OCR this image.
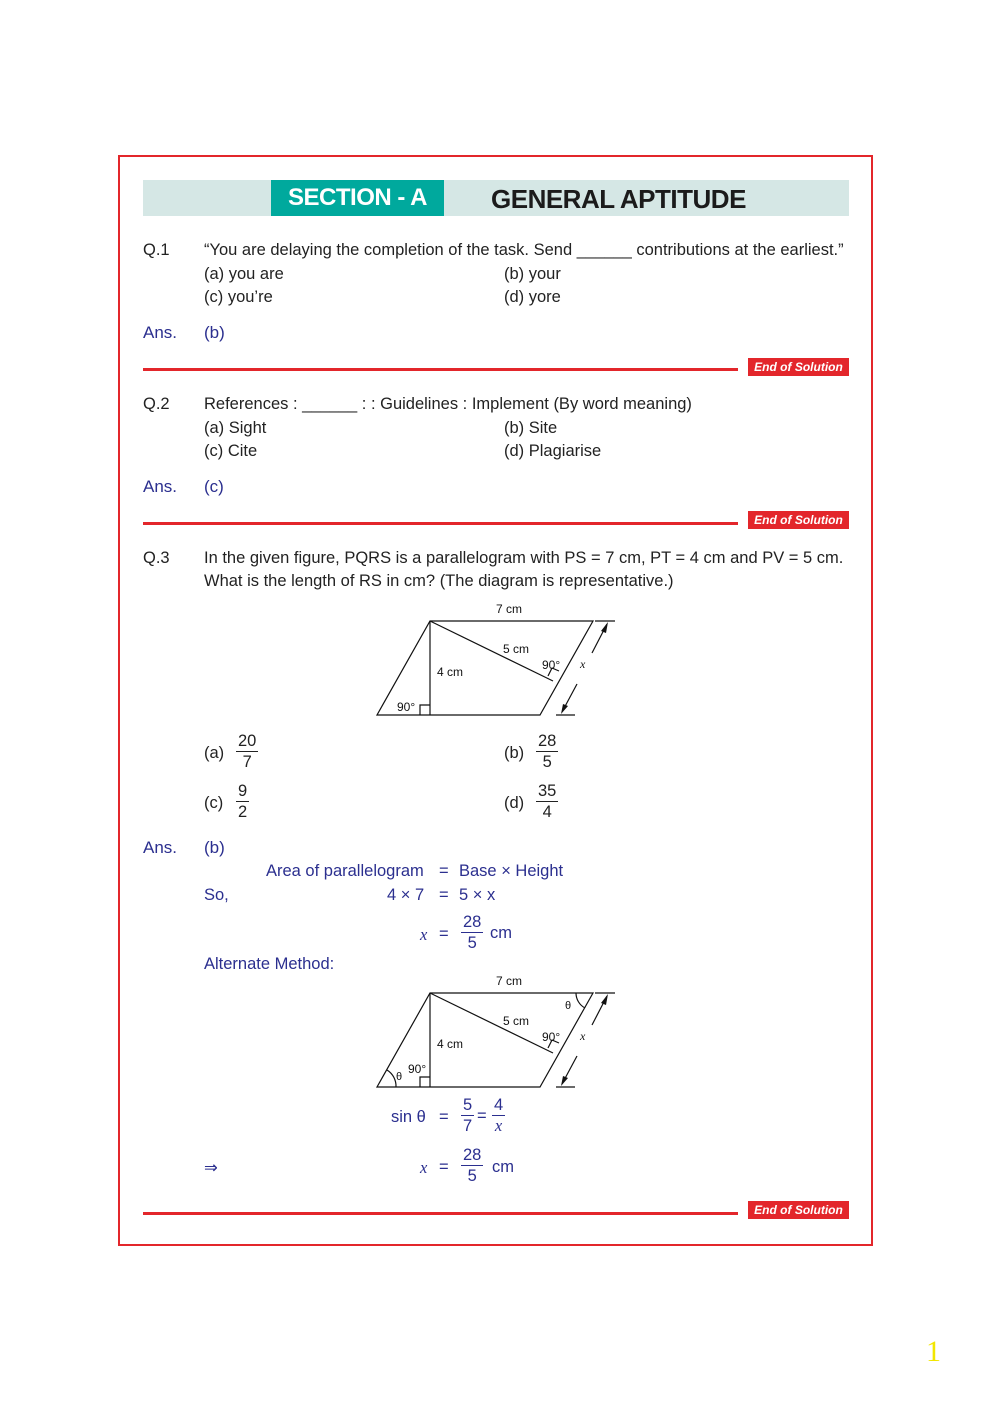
SECTION - A	GENERAL APTITUDE
Q.1 “You are delaying the completion of the task. Send ______ contributions at the earliest.”
(a) you are	(b) your
(c) you’re	(d) yore
Ans. (b)
End of Solution
Q.2 References : ______ : : Guidelines : Implement (By word meaning)
(a) Sight	(b) Site
(c) Cite	(d) Plagiarise
Ans. (c)
End of Solution
Q.3 In the given figure, PQRS is a parallelogram with PS = 7 cm, PT = 4 cm and PV = 5 cm.
What is the length of RS in cm? (The diagram is representative.)
7 cm
5 cm
90° x
4 cm
90°
$(a) \frac{20}{7}$	$(b) \frac{28}{5}$
$(c) \frac{9}{2}$	$(d) \frac{35}{4}$
Ans. (b)
Area of parallelogram = Base × Height
So,	4 × 7 = 5 × x
$x = \frac{28}{5}$ cm
Alternate Method:
7 cm
5 cm
90° x
4 cm
90°
θ
θ
$\sin \theta = \frac{5}{7} = \frac{4}{x}$
⇒	$x = \frac{28}{5}$ cm
End of Solution
1
